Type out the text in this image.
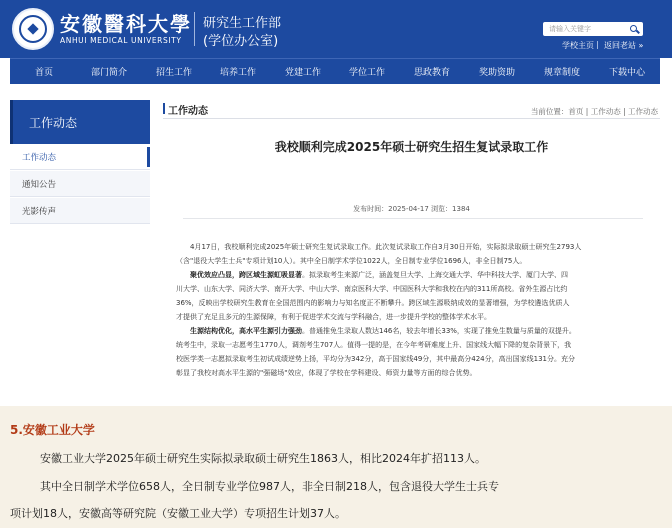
安徽醫科大學
ANHUI MEDICAL UNIVERSITY
研究生工作部
(学位办公室)
请输入关键字
学校主页 返回老站 »
首页	部门简介	招生工作	培养工作	党建工作	学位工作	思政教育	奖助资助	规章制度	下载中心
工作动态
工作动态
通知公告
光影传声
工作动态	当前位置：首页 | 工作动态 | 工作动态
我校顺利完成2025年硕士研究生招生复试录取工作
发布时间：2025-04-17 浏览：1384
4月17日，我校顺利完成2025年硕士研究生复试录取工作。此次复试录取工作自3月30日开始，实际拟录取硕士研究生2793人
（含"退役大学生士兵"专项计划10人）。其中全日制学术学位1022人，全日制专业学位1696人，非全日制75人。
聚优效应凸显，跨区域生源虹吸显著。拟录取考生来源广泛，涵盖复旦大学、上海交通大学、华中科技大学、厦门大学、四
川大学、山东大学、同济大学、南开大学、中山大学、南京医科大学、中国医科大学和我校在内的311所高校。省外生源占比约
36%，反映出学校研究生教育在全国范围内的影响力与知名度正不断攀升。跨区域生源吸纳成效的显著增强，为学校遴选优质人
才提供了充足且多元的生源保障，有利于促进学术交流与学科融合，进一步提升学校的整体学术水平。
生源结构优化，高水平生源引力强劲。普通推免生录取人数达146名，较去年增长33%，实现了推免生数量与质量的双提升。
统考生中，录取一志愿考生1770人，调剂考生707人。值得一提的是，在今年考研难度上升、国家线大幅下降的复杂背景下，我
校医学类一志愿拟录取考生初试成绩逆势上扬，平均分为342分，高于国家线49分，其中最高分424分，高出国家线131分。充分
彰显了我校对高水平生源的"强磁场"效应，体现了学校在学科建设、师资力量等方面的综合优势。
5.安徽工业大学
安徽工业大学2025年硕士研究生实际拟录取硕士研究生1863人，相比2024年扩招113人。
其中全日制学术学位658人，全日制专业学位987人，非全日制218人，包含退役大学生士兵专
项计划18人，安徽高等研究院（安徽工业大学）专项招生计划37人。
